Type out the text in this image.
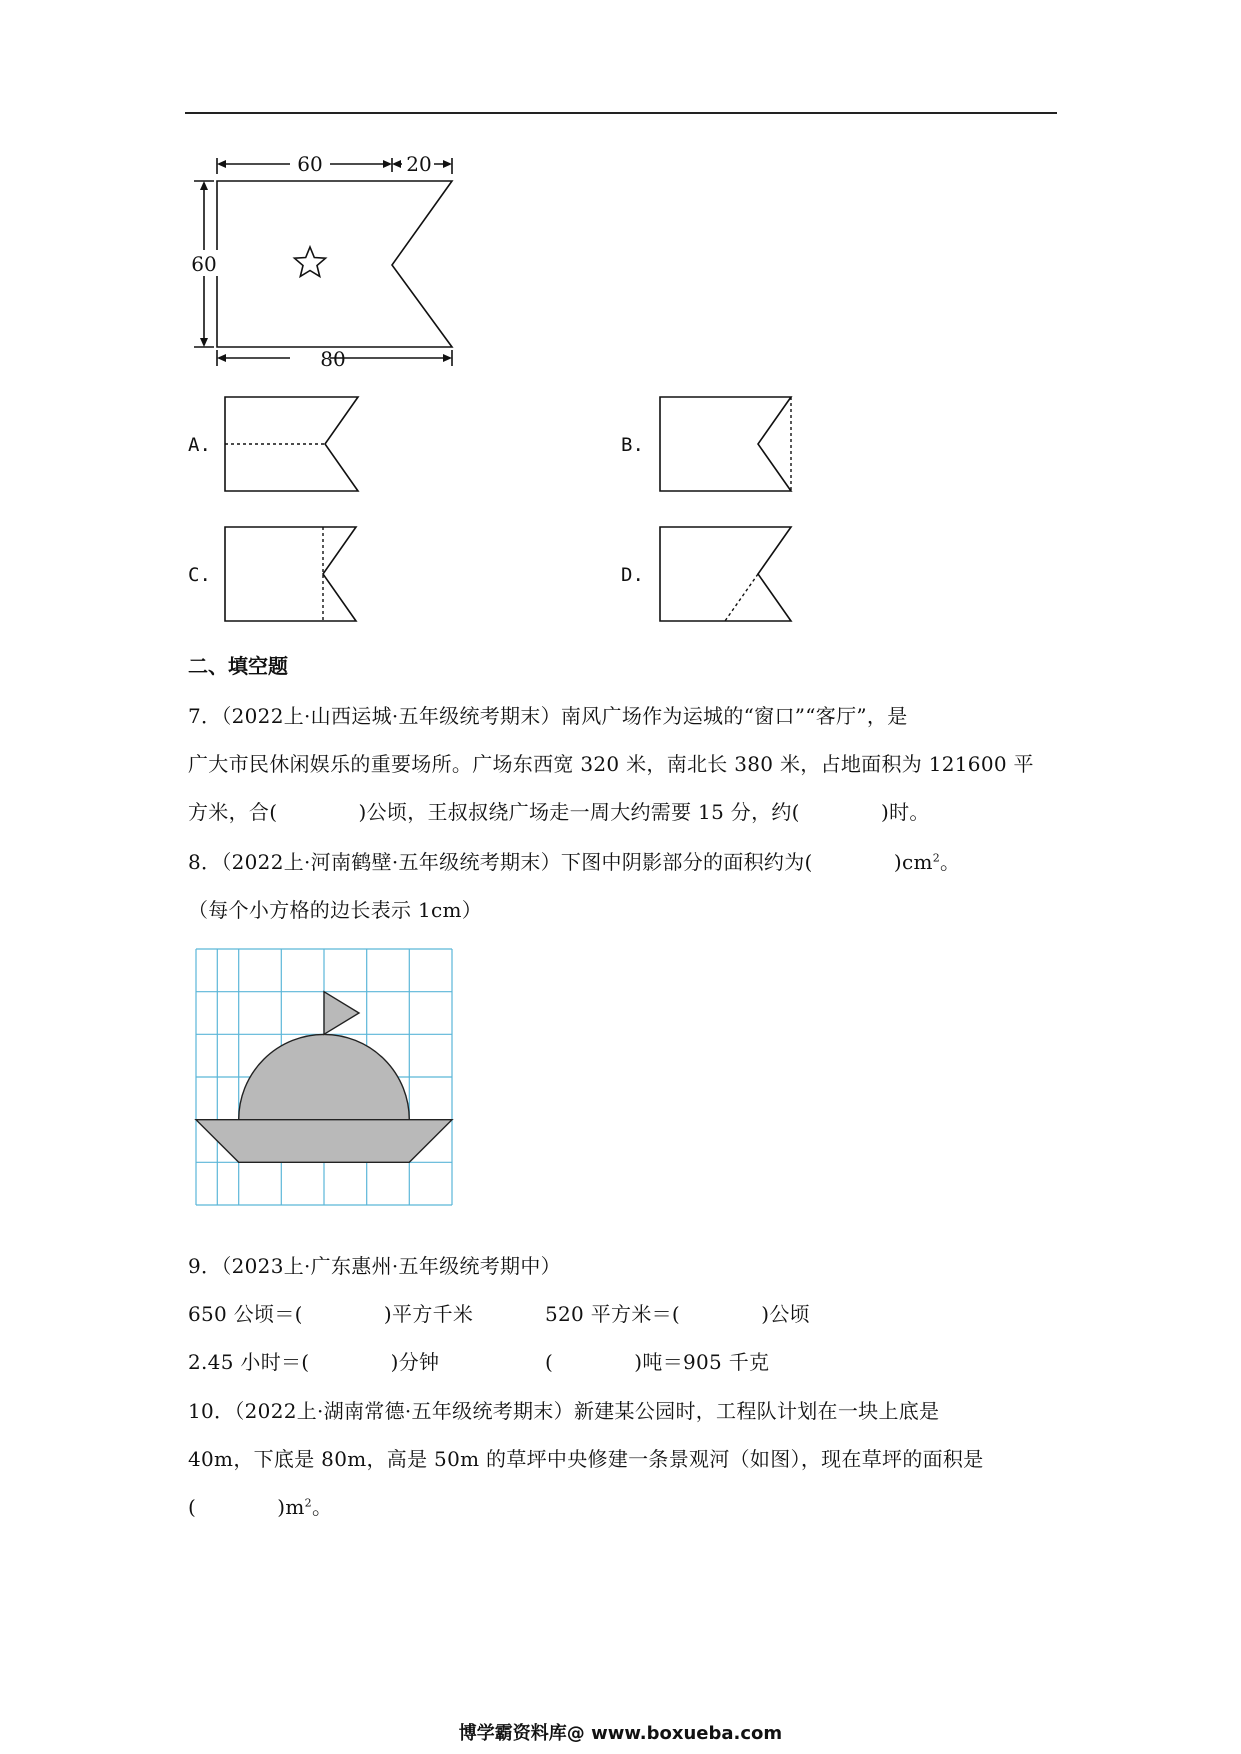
60	20
60
80
A.	B.
C.	D.
二、填空题
7．（2022上·山西运城·五年级统考期末）南风广场作为运城的“窗口”“客厅”，是
广大市民休闲娱乐的重要场所。广场东西宽 320 米，南北长 380 米，占地面积为 121600 平
方米，合(　　　　)公顷，王叔叔绕广场走一周大约需要 15 分，约(　　　　)时。
8．（2022上·河南鹤壁·五年级统考期末）下图中阴影部分的面积约为(　　　　)$cm^2$。
（每个小方格的边长表示 1cm）
9．（2023上·广东惠州·五年级统考期中）
650 公顷＝(　　　　)平方千米	520 平方米＝(　　　　)公顷
2.45 小时＝(　　　　)分钟	(　　　　)吨＝905 千克
10．（2022上·湖南常德·五年级统考期末）新建某公园时，工程队计划在一块上底是
40m，下底是 80m，高是 50m 的草坪中央修建一条景观河（如图），现在草坪的面积是
(　　　　)$m^2$。
博学霸资料库@ www.boxueba.com
